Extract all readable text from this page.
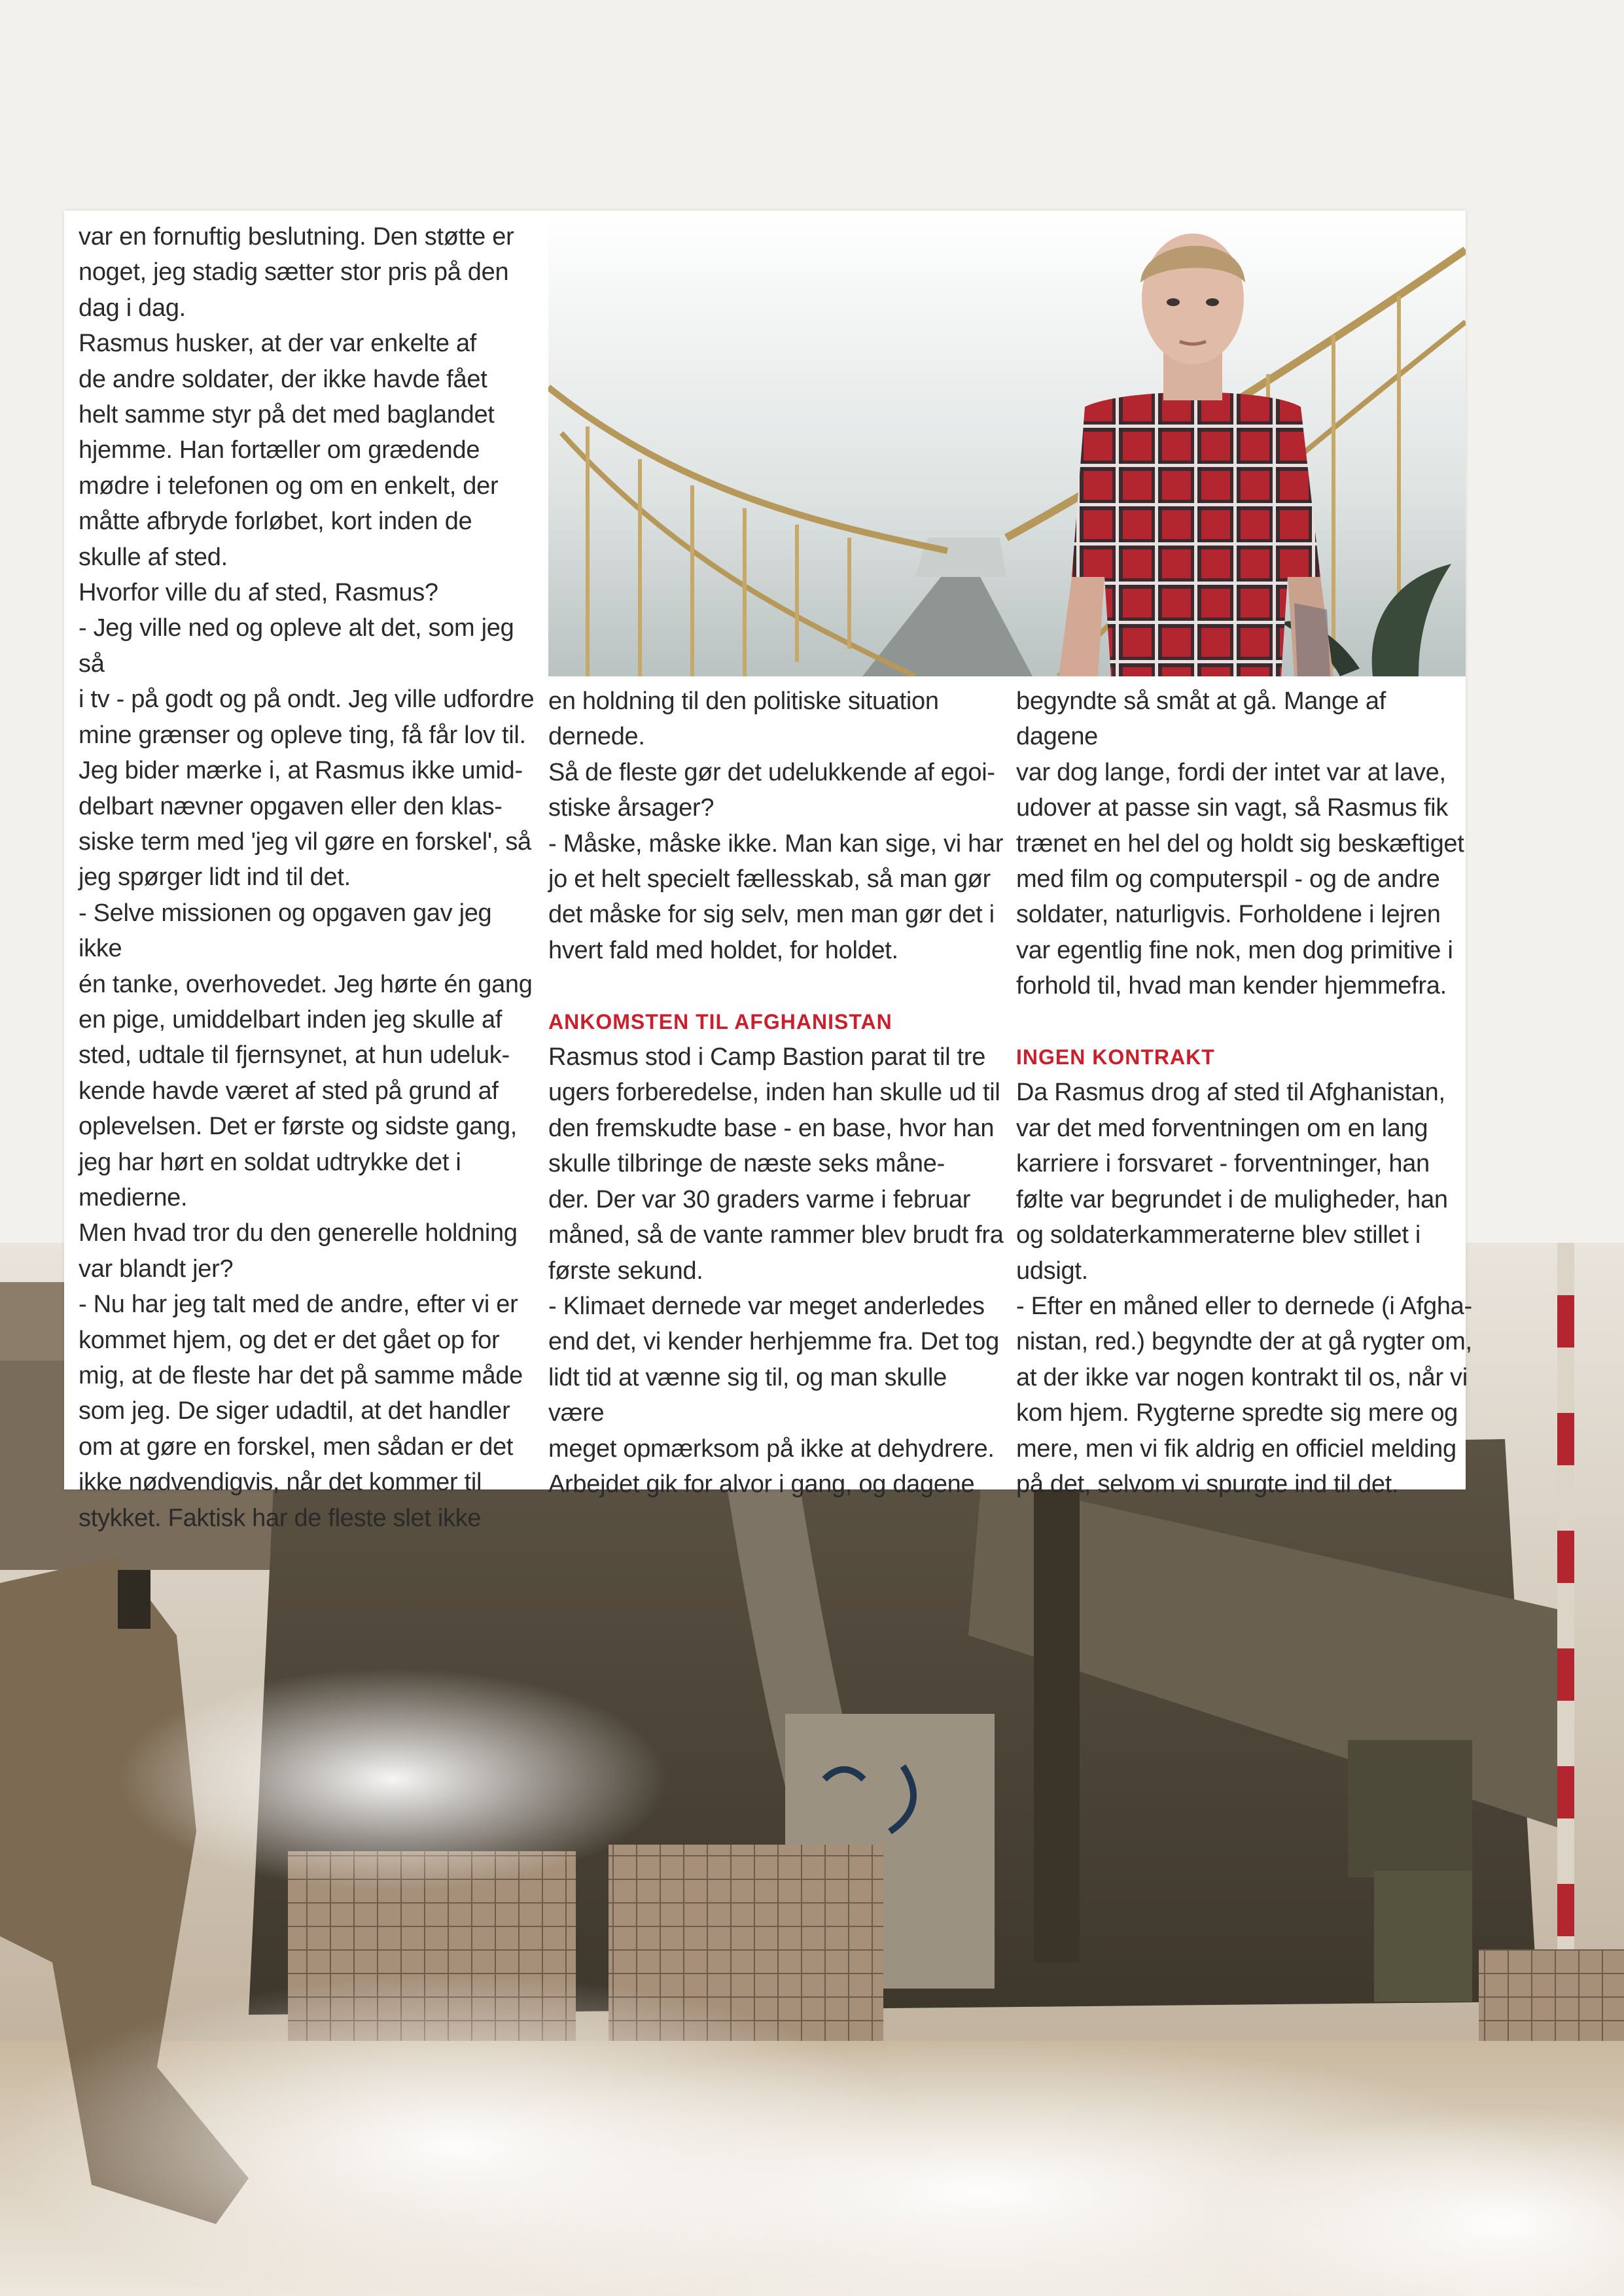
var en fornuftig beslutning. Den støtte er

noget, jeg stadig sætter stor pris på den

dag i dag.

Rasmus husker, at der var enkelte af

de andre soldater, der ikke havde fået

helt samme styr på det med baglandet

hjemme. Han fortæller om grædende

mødre i telefonen og om en enkelt, der

måtte afbryde forløbet, kort inden de

skulle af sted.

Hvorfor ville du af sted, Rasmus?

- Jeg ville ned og opleve alt det, som jeg så

i tv - på godt og på ondt. Jeg ville udfordre

mine grænser og opleve ting, få får lov til.

Jeg bider mærke i, at Rasmus ikke umid-

delbart nævner opgaven eller den klas-

siske term med 'jeg vil gøre en forskel', så

jeg spørger lidt ind til det.

- Selve missionen og opgaven gav jeg ikke

én tanke, overhovedet. Jeg hørte én gang

en pige, umiddelbart inden jeg skulle af

sted, udtale til fjernsynet, at hun udeluk-

kende havde været af sted på grund af

oplevelsen. Det er første og sidste gang,

jeg har hørt en soldat udtrykke det i

medierne.

Men hvad tror du den generelle holdning

var blandt jer?

- Nu har jeg talt med de andre, efter vi er

kommet hjem, og det er det gået op for

mig, at de fleste har det på samme måde

som jeg. De siger udadtil, at det handler

om at gøre en forskel, men sådan er det

ikke nødvendigvis, når det kommer til

stykket. Faktisk har de fleste slet ikke

en holdning til den politiske situation

dernede.

Så de fleste gør det udelukkende af egoi-

stiske årsager?

- Måske, måske ikke. Man kan sige, vi har

jo et helt specielt fællesskab, så man gør

det måske for sig selv, men man gør det i

hvert fald med holdet, for holdet.

ANKOMSTEN TIL AFGHANISTAN

Rasmus stod i Camp Bastion parat til tre

ugers forberedelse, inden han skulle ud til

den fremskudte base - en base, hvor han

skulle tilbringe de næste seks måne-

der. Der var 30 graders varme i februar

måned, så de vante rammer blev brudt fra

første sekund.

- Klimaet dernede var meget anderledes

end det, vi kender herhjemme fra. Det tog

lidt tid at vænne sig til, og man skulle være

meget opmærksom på ikke at dehydrere.

Arbejdet gik for alvor i gang, og dagene

begyndte så småt at gå. Mange af dagene

var dog lange, fordi der intet var at lave,

udover at passe sin vagt, så Rasmus fik

trænet en hel del og holdt sig beskæftiget

med film og computerspil - og de andre

soldater, naturligvis. Forholdene i lejren

var egentlig fine nok, men dog primitive i

forhold til, hvad man kender hjemmefra.

INGEN KONTRAKT

Da Rasmus drog af sted til Afghanistan,

var det med forventningen om en lang

karriere i forsvaret - forventninger, han

følte var begrundet i de muligheder, han

og soldaterkammeraterne blev stillet i

udsigt.

- Efter en måned eller to dernede (i Afgha-

nistan, red.) begyndte der at gå rygter om,

at der ikke var nogen kontrakt til os, når vi

kom hjem. Rygterne spredte sig mere og

mere, men vi fik aldrig en officiel melding

på det, selvom vi spurgte ind til det.
